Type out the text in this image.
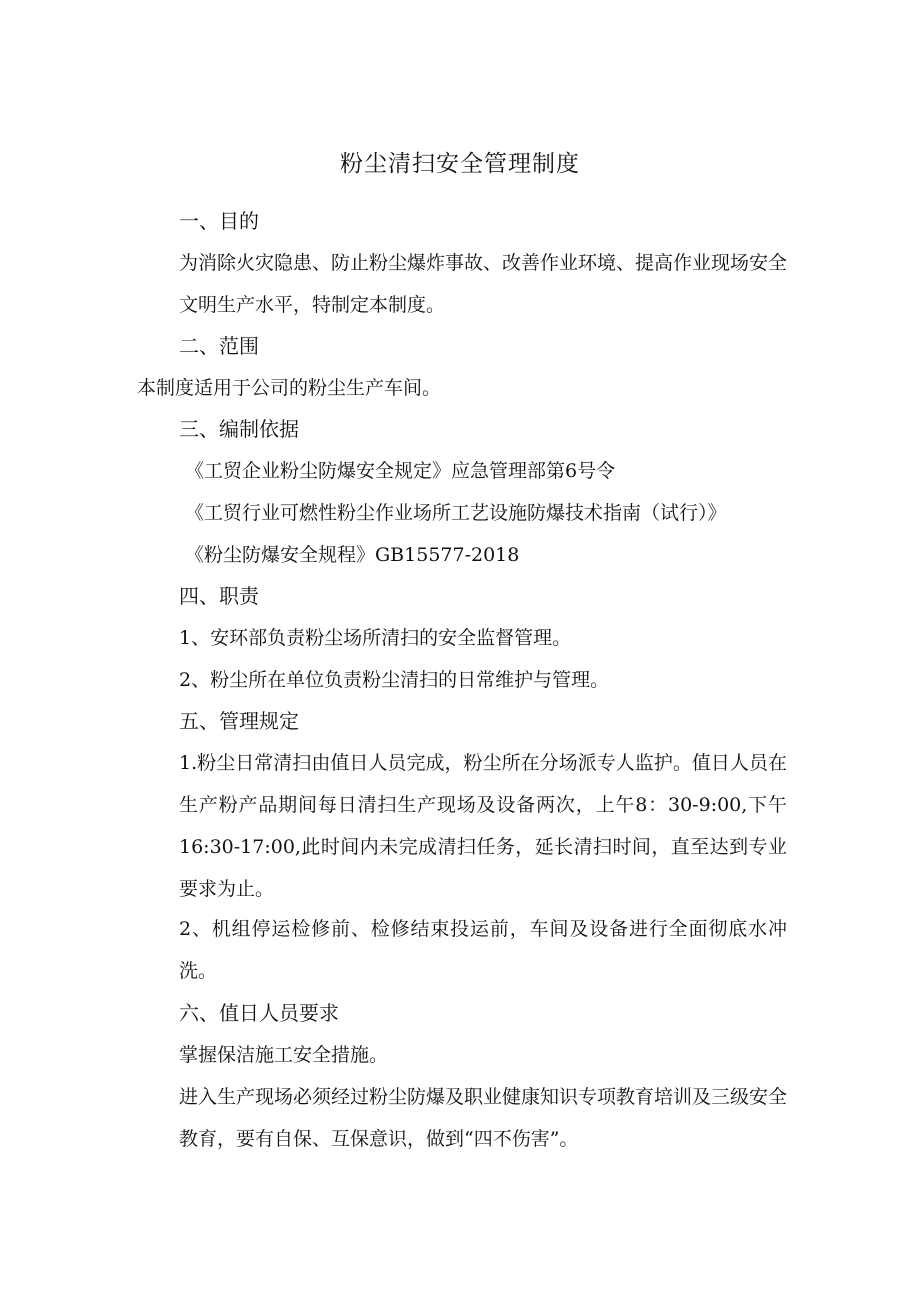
粉尘清扫安全管理制度
一、目的
为消除火灾隐患、防止粉尘爆炸事故、改善作业环境、提高作业现场安全文明生产水平，特制定本制度。
二、范围
本制度适用于公司的粉尘生产车间。
三、编制依据
《工贸企业粉尘防爆安全规定》应急管理部第6号令
《工贸行业可燃性粉尘作业场所工艺设施防爆技术指南（试行）》
《粉尘防爆安全规程》GB15577-2018
四、职责
1、安环部负责粉尘场所清扫的安全监督管理。
2、粉尘所在单位负责粉尘清扫的日常维护与管理。
五、管理规定
1.粉尘日常清扫由值日人员完成，粉尘所在分场派专人监护。值日人员在生产粉产品期间每日清扫生产现场及设备两次，上午8：30-9:00,下午16:30-17:00,此时间内未完成清扫任务，延长清扫时间，直至达到专业要求为止。
2、机组停运检修前、检修结束投运前，车间及设备进行全面彻底水冲洗。
六、值日人员要求
掌握保洁施工安全措施。
进入生产现场必须经过粉尘防爆及职业健康知识专项教育培训及三级安全教育，要有自保、互保意识，做到“四不伤害”。
